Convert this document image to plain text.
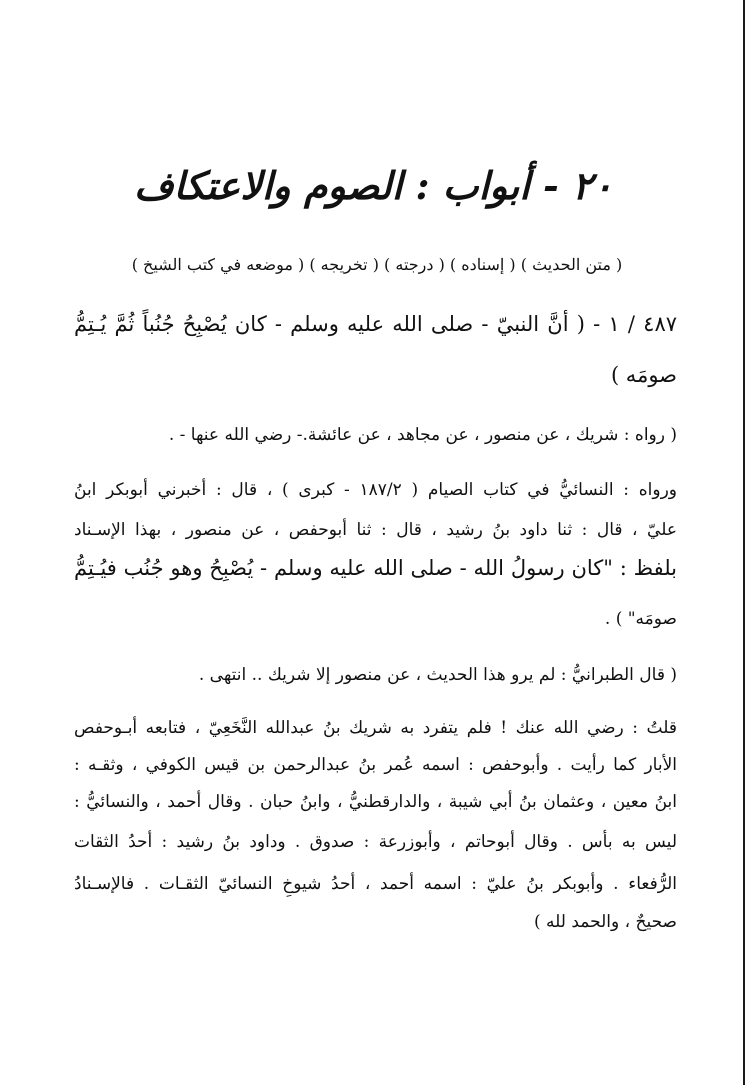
٢٠ - أبواب : الصوم والاعتكاف
( متن الحديث ) ( إسناده ) ( درجته ) ( تخريجه ) ( موضعه في كتب الشيخ )
٤٨٧ / ١ - ( أنَّ النبيّ - صلى الله عليه وسلم - كان يُصْبِحُ جُنُباً ثُمَّ يُـتِمُّ
صومَه )
( رواه : شريك ، عن منصور ، عن مجاهد ، عن عائشة.- رضي الله عنها - .
ورواه : النسائيُّ في كتاب الصيام ( ١٨٧/٢ - كبرى ) ، قال : أخبرني أبوبكر ابنُ
عليّ ، قال : ثنا داود بنُ رشيد ، قال : ثنا أبوحفص ، عن منصور ، بهذا الإسـناد
بلفظ : "كان رسولُ الله - صلى الله عليه وسلم - يُصْبِحُ وهو جُنُب فيُـتِمُّ
صومَه" ) .
( قال الطبرانيُّ : لم يرو هذا الحديث ، عن منصور إلا شريك .. انتهى .
قلتُ : رضي الله عنك ! فلم يتفرد به شريك بنُ عبدالله النَّخَعِيّ ، فتابعه أبـوحفص
الأبار كما رأيت . وأبوحفص : اسمه عُمر بنُ عبدالرحمن بن قيس الكوفي ، وثقـه :
ابنُ معين ، وعثمان بنُ أبي شيبة ، والدارقطنيُّ ، وابنُ حبان . وقال أحمد ، والنسائيُّ :
ليس به بأس . وقال أبوحاتم ، وأبوزرعة : صدوق . وداود بنُ رشيد : أحدُ الثقات
الرُّفعاء . وأبوبكر بنُ عليّ : اسمه أحمد ، أحدُ شيوخِ النسائيّ الثقـات . فالإسـنادُ
صحيحٌ ، والحمد لله )
